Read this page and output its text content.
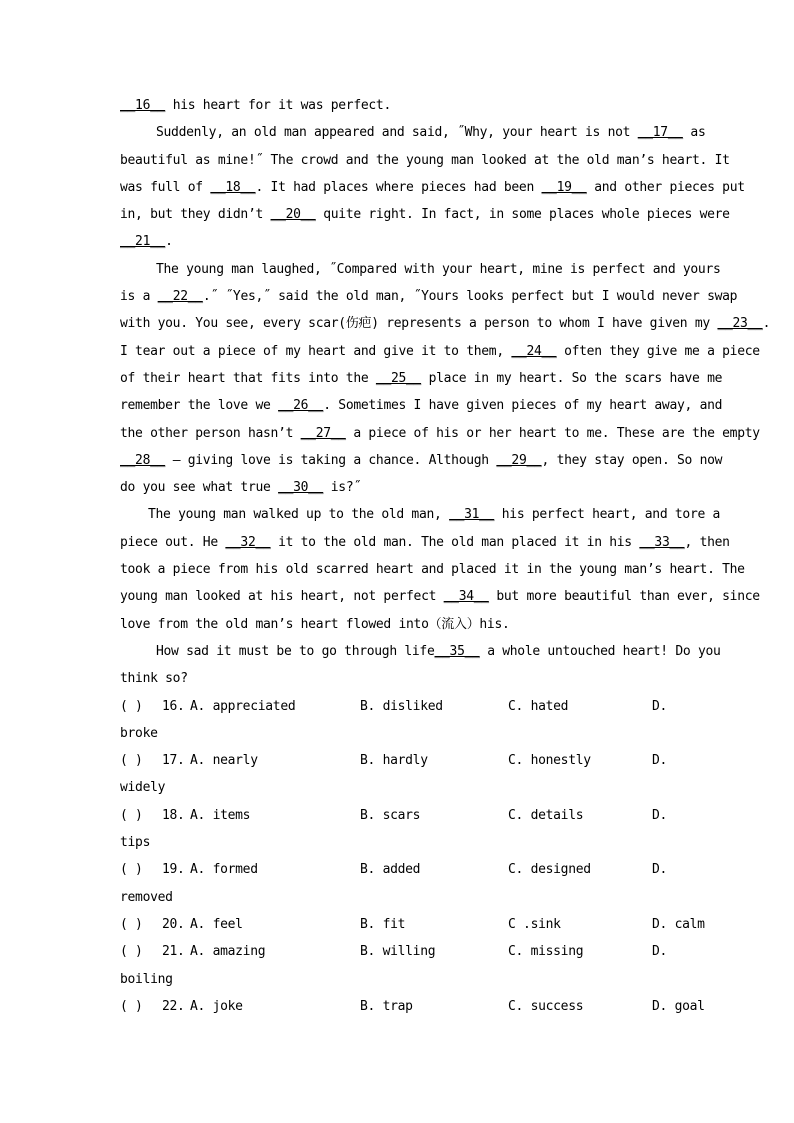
__16__ his heart for it was perfect.
Suddenly, an old man appeared and said, ˝Why, your heart is not __17__ as
beautiful as mine!˝ The crowd and the young man looked at the old man’s heart. It
was full of __18__. It had places where pieces had been __19__ and other pieces put
in, but they didn’t __20__ quite right. In fact, in some places whole pieces were
__21__.
The young man laughed, ˝Compared with your heart, mine is perfect and yours
is a __22__.˝ ˝Yes,˝ said the old man, ˝Yours looks perfect but I would never swap
with you. You see, every scar(伤疤) represents a person to whom I have given my __23__.
I tear out a piece of my heart and give it to them, __24__ often they give me a piece
of their heart that fits into the __25__ place in my heart. So the scars have me
remember the love we __26__. Sometimes I have given pieces of my heart away, and
the other person hasn’t __27__ a piece of his or her heart to me. These are the empty
__28__ — giving love is taking a chance. Although __29__, they stay open. So now
do you see what true __30__ is?˝
The young man walked up to the old man, __31__ his perfect heart, and tore a
piece out. He __32__ it to the old man. The old man placed it in his __33__, then
took a piece from his old scarred heart and placed it in the young man’s heart. The
young man looked at his heart, not perfect __34__ but more beautiful than ever, since
love from the old man’s heart flowed into（流入）his.
How sad it must be to go through life__35__ a whole untouched heart! Do you
think so?
( ) 16. A. appreciated	B. disliked	C. hated	D.
broke
( ) 17. A. nearly	B. hardly	C. honestly	D.
widely
( ) 18. A. items	B. scars	C. details	D.
tips
( ) 19. A. formed	B. added	C. designed	D.
removed
( ) 20. A. feel	B. fit	C .sink	D. calm
( ) 21. A. amazing	B. willing	C. missing	D.
boiling
( ) 22. A. joke	B. trap	C. success	D. goal
